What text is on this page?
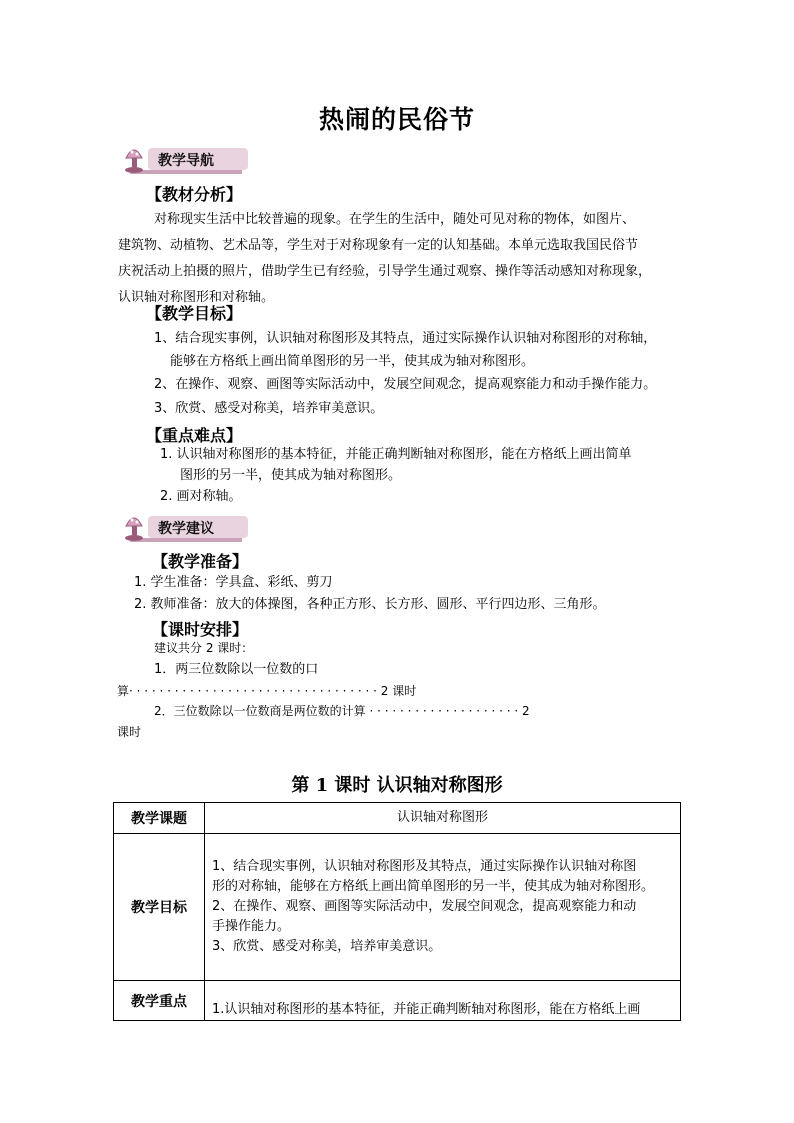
热闹的民俗节
教学导航
【教材分析】
对称现实生活中比较普遍的现象。在学生的生活中，随处可见对称的物体，如图片、
建筑物、动植物、艺术品等，学生对于对称现象有一定的认知基础。本单元选取我国民俗节
庆祝活动上拍摄的照片，借助学生已有经验，引导学生通过观察、操作等活动感知对称现象，
认识轴对称图形和对称轴。
【教学目标】
1、结合现实事例，认识轴对称图形及其特点，通过实际操作认识轴对称图形的对称轴，
能够在方格纸上画出简单图形的另一半，使其成为轴对称图形。
2、在操作、观察、画图等实际活动中，发展空间观念，提高观察能力和动手操作能力。
3、欣赏、感受对称美，培养审美意识。
【重点难点】
1. 认识轴对称图形的基本特征，并能正确判断轴对称图形，能在方格纸上画出简单
图形的另一半，使其成为轴对称图形。
2. 画对称轴。
教学建议
【教学准备】
1. 学生准备：学具盒、彩纸、剪刀
2. 教师准备：放大的体操图，各种正方形、长方形、圆形、平行四边形、三角形。
【课时安排】
建议共分 2 课时：
1．两三位数除以一位数的口
算· · · · · · · · · · · · · · · · · · · · · · · · · · · · · · · · · 2 课时
2．三位数除以一位数商是两位数的计算 · · · · · · · · · · · · · · · · · · · · 2
课时
第 1 课时 认识轴对称图形
教学课题	认识轴对称图形
教学目标	1、结合现实事例，认识轴对称图形及其特点，通过实际操作认识轴对称图
形的对称轴，能够在方格纸上画出简单图形的另一半，使其成为轴对称图形。
2、在操作、观察、画图等实际活动中，发展空间观念，提高观察能力和动
手操作能力。
3、欣赏、感受对称美，培养审美意识。

教学重点	1.认识轴对称图形的基本特征，并能正确判断轴对称图形，能在方格纸上画
